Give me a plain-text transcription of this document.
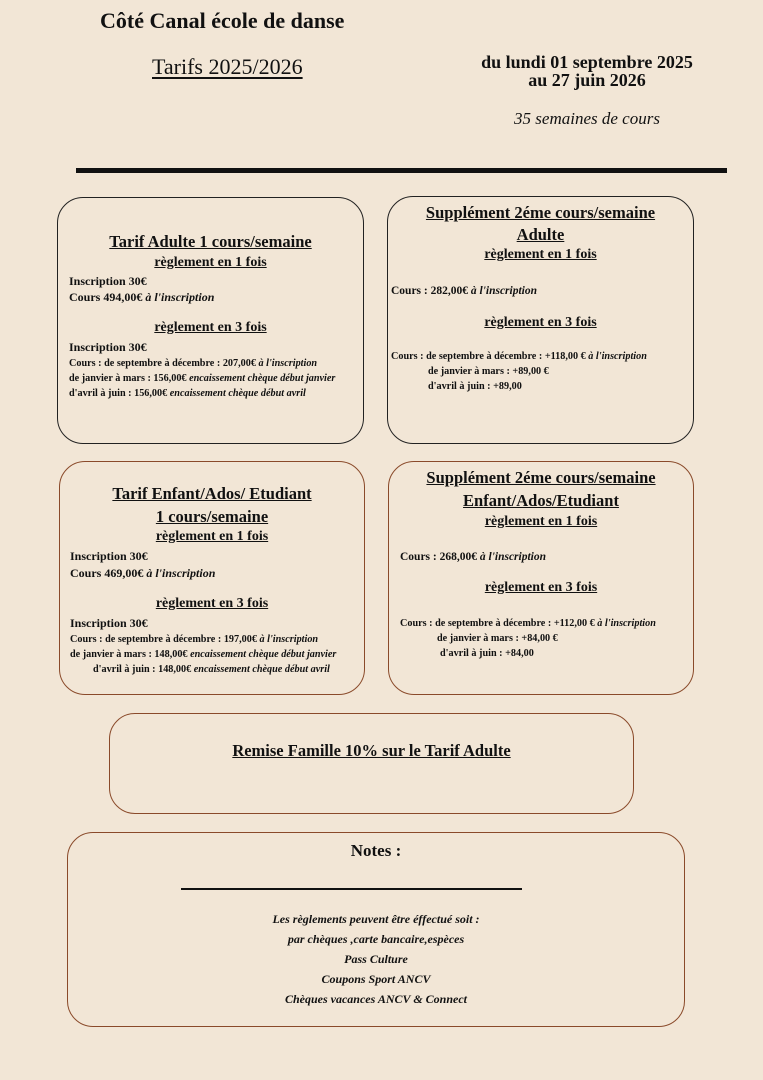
Côté Canal école de danse
Tarifs 2025/2026	du lundi 01 septembre 2025
au 27 juin 2026
35 semaines de cours
Tarif Adulte 1 cours/semaine
règlement en 1 fois
Inscription 30€
Cours 494,00€ à l'inscription
règlement en 3 fois
Inscription 30€
Cours : de septembre à décembre : 207,00€ à l'inscription
de janvier à mars : 156,00€ encaissement chèque début janvier
d'avril à juin : 156,00€ encaissement chèque début avril
Supplément 2éme cours/semaine
Adulte
règlement en 1 fois
Cours : 282,00€ à l'inscription
règlement en 3 fois
Cours : de septembre à décembre : +118,00 € à l'inscription
de janvier à mars : +89,00 €
d'avril à juin : +89,00
Tarif Enfant/Ados/ Etudiant
1 cours/semaine
règlement en 1 fois
Inscription 30€
Cours 469,00€ à l'inscription
règlement en 3 fois
Inscription 30€
Cours : de septembre à décembre : 197,00€ à l'inscription
de janvier à mars : 148,00€ encaissement chèque début janvier
d'avril à juin : 148,00€ encaissement chèque début avril
Supplément 2éme cours/semaine
Enfant/Ados/Etudiant
règlement en 1 fois
Cours : 268,00€ à l'inscription
règlement en 3 fois
Cours : de septembre à décembre : +112,00 € à l'inscription
de janvier à mars : +84,00 €
d'avril à juin : +84,00
Remise Famille 10% sur le Tarif Adulte
Notes :
Les règlements peuvent être éffectué soit :
par chèques ,carte bancaire,espèces
Pass Culture
Coupons Sport ANCV
Chèques vacances ANCV & Connect
